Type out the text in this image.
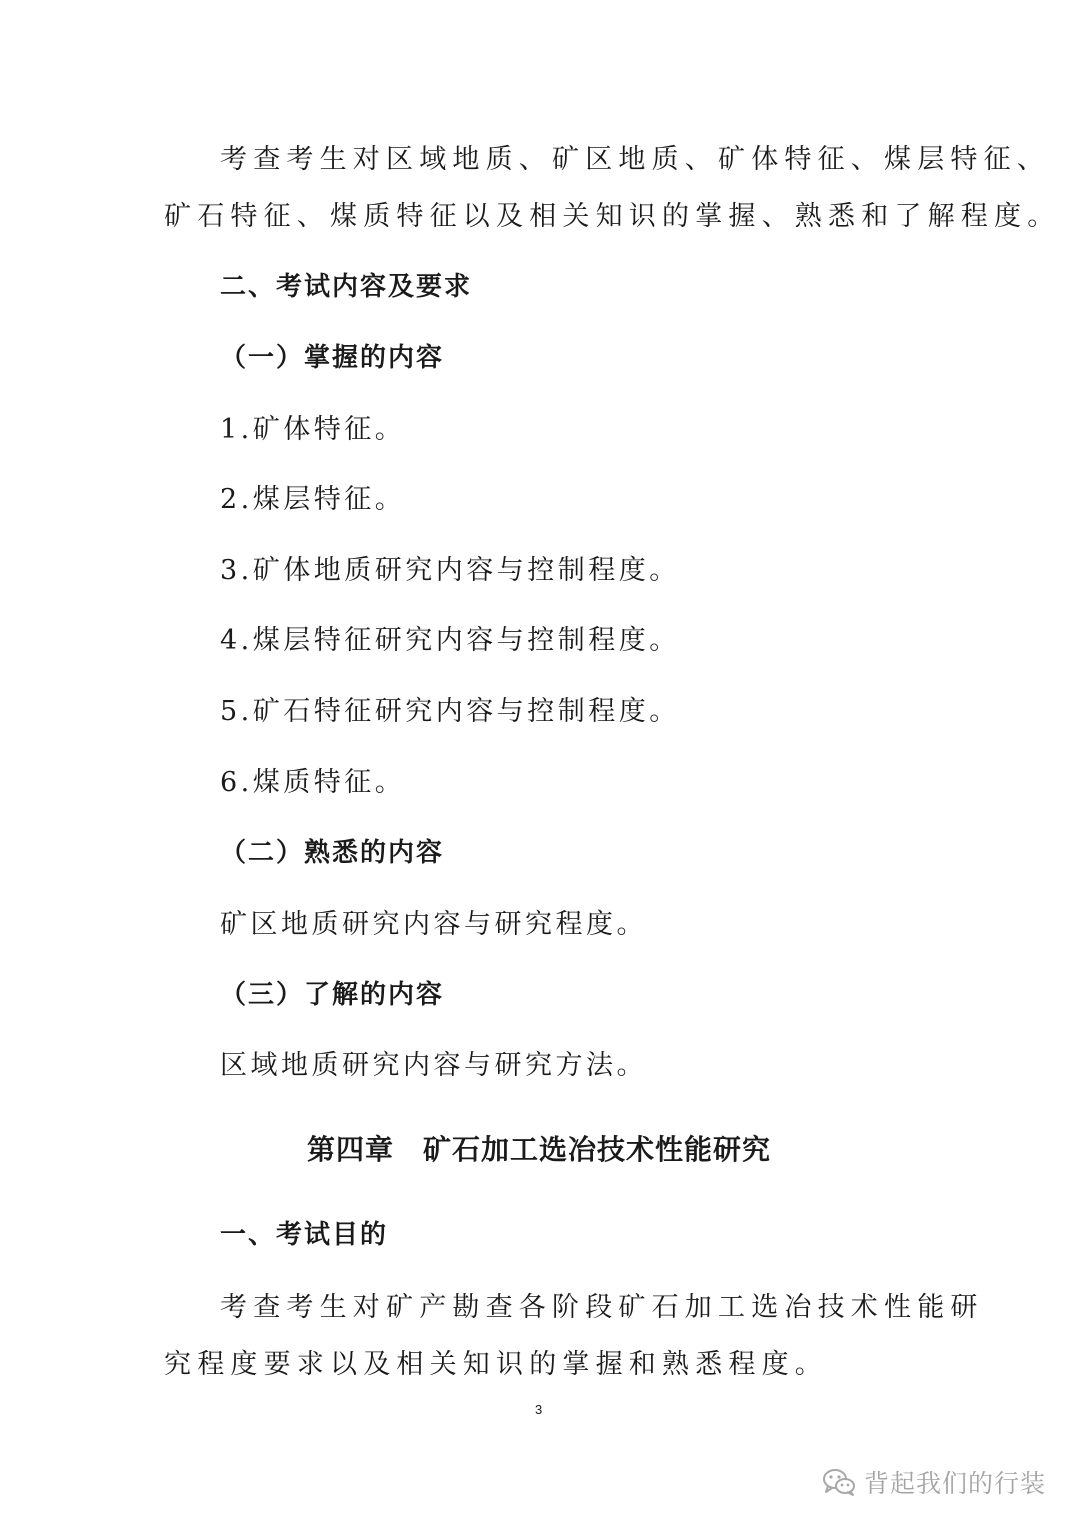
考查考生对区域地质、矿区地质、矿体特征、煤层特征、
矿石特征、煤质特征以及相关知识的掌握、熟悉和了解程度。
二、考试内容及要求
（一）掌握的内容
1.矿体特征。
2.煤层特征。
3.矿体地质研究内容与控制程度。
4.煤层特征研究内容与控制程度。
5.矿石特征研究内容与控制程度。
6.煤质特征。
（二）熟悉的内容
矿区地质研究内容与研究程度。
（三）了解的内容
区域地质研究内容与研究方法。
第四章　矿石加工选冶技术性能研究
一、考试目的
考查考生对矿产勘查各阶段矿石加工选冶技术性能研
究程度要求以及相关知识的掌握和熟悉程度。
3
背起我们的行装
